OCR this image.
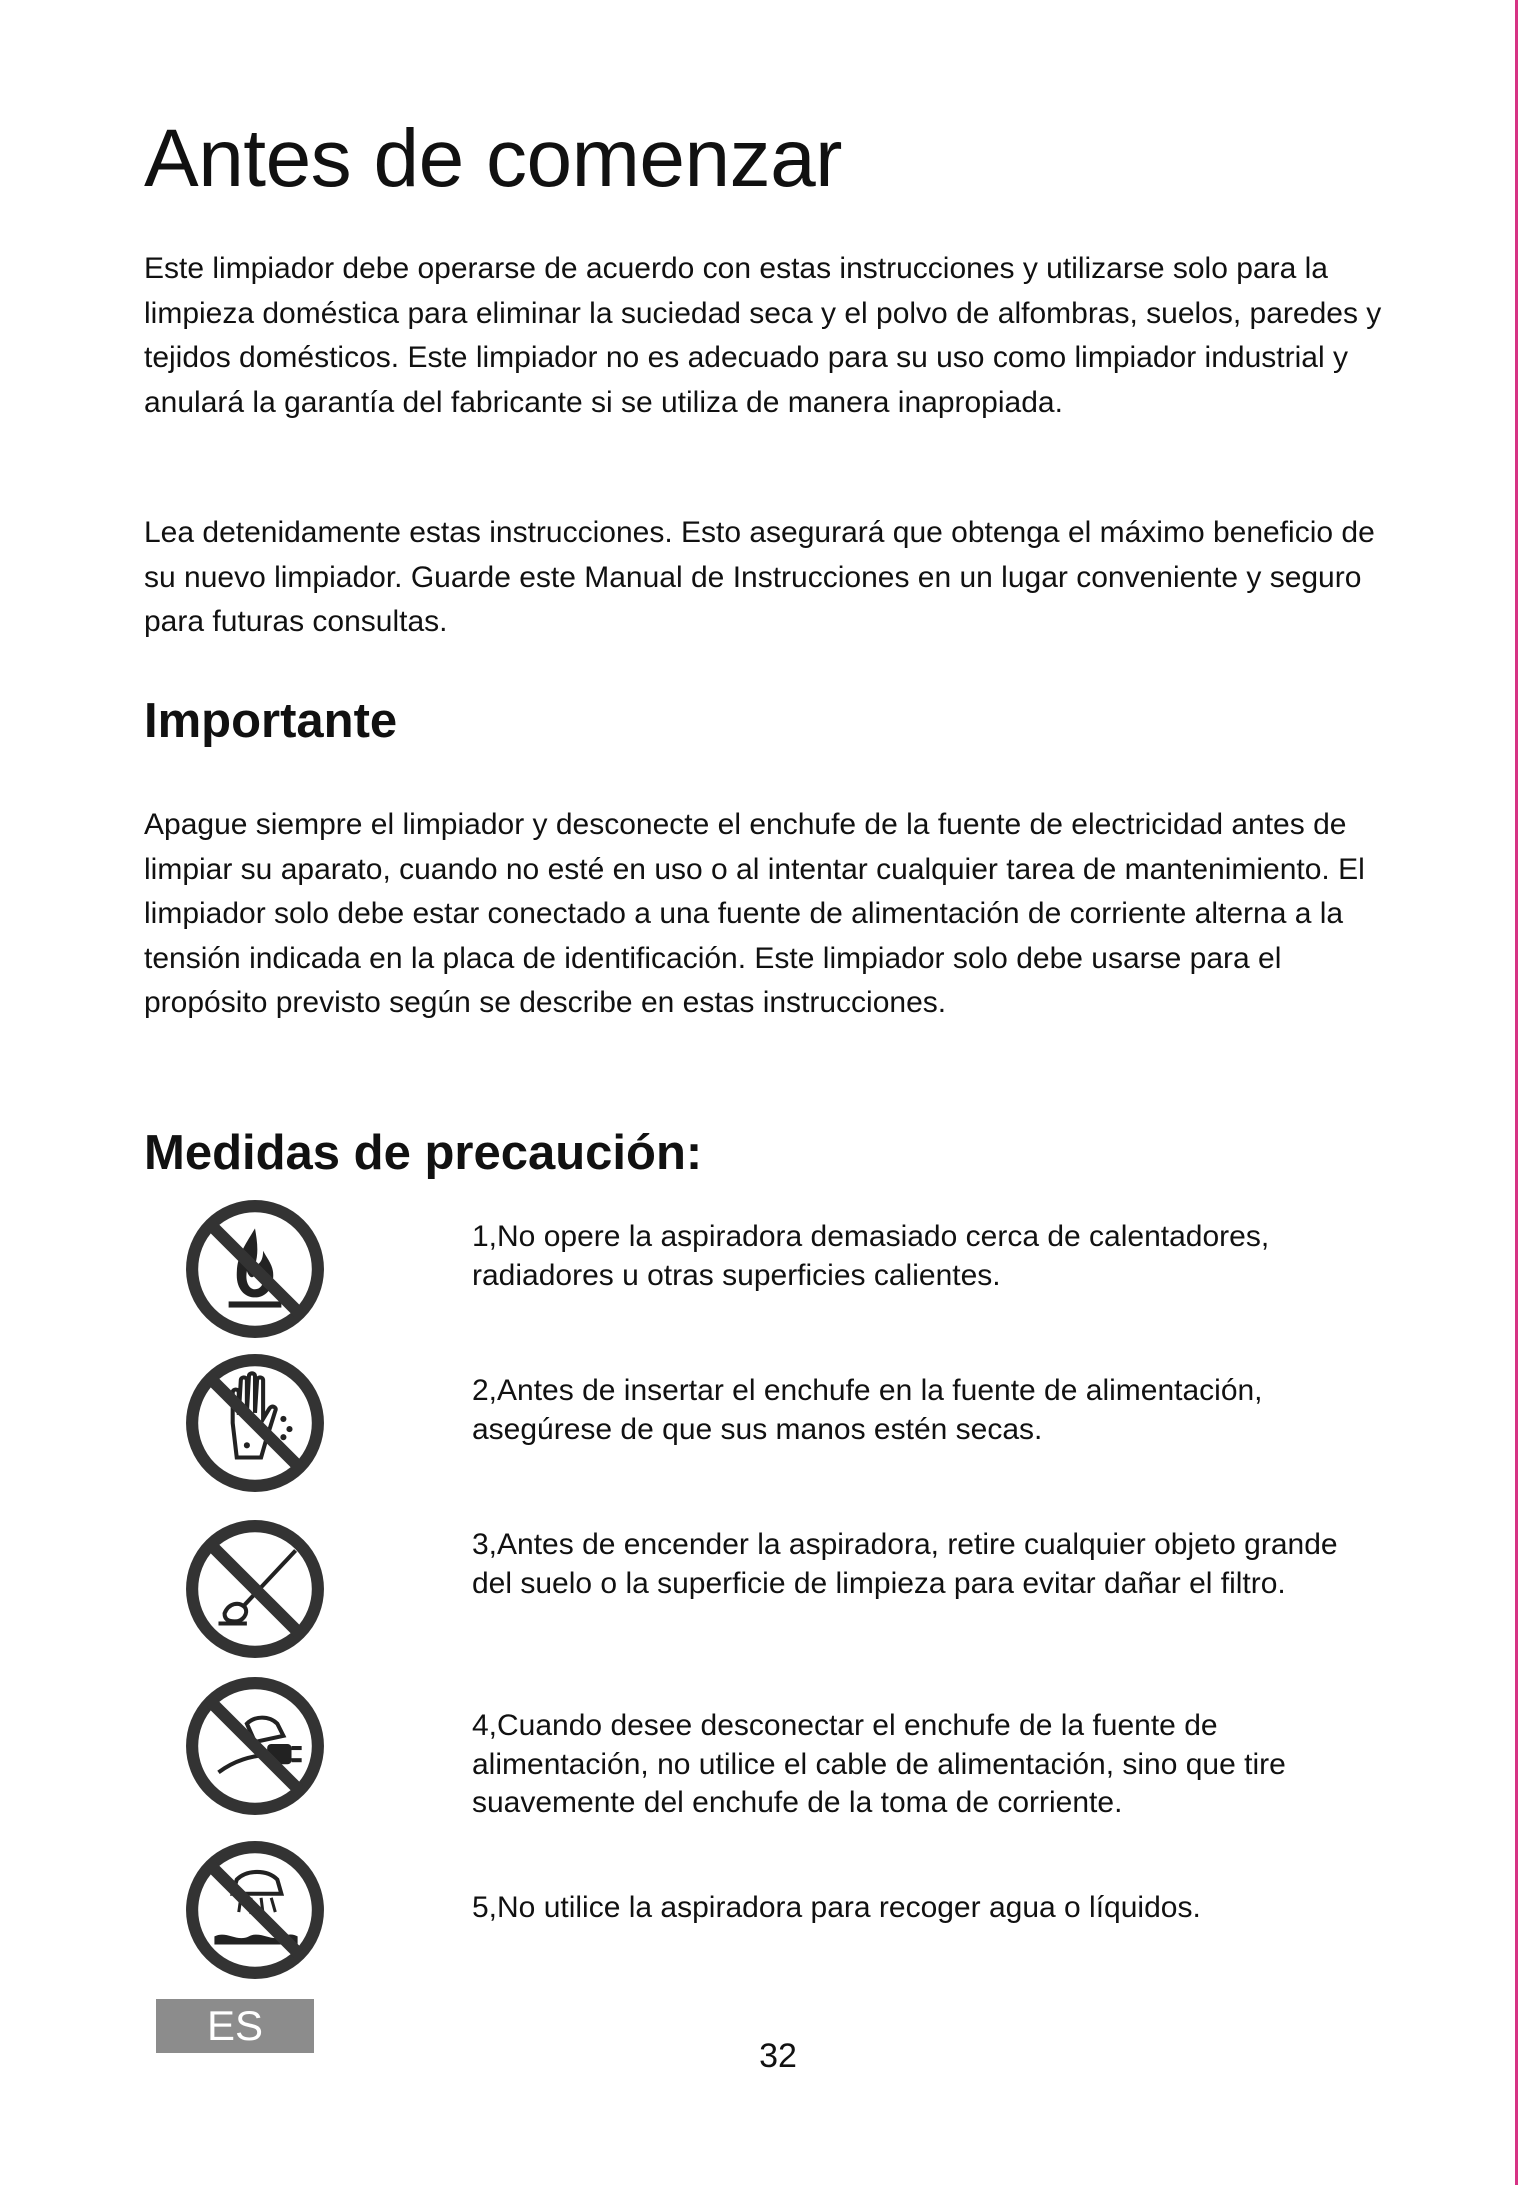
Antes de comenzar

Este limpiador debe operarse de acuerdo con estas instrucciones y utilizarse solo para la limpieza doméstica para eliminar la suciedad seca y el polvo de alfombras, suelos, paredes y tejidos domésticos. Este limpiador no es adecuado para su uso como limpiador industrial y anulará la garantía del fabricante si se utiliza de manera inapropiada.

Lea detenidamente estas instrucciones. Esto asegurará que obtenga el máximo beneficio de su nuevo limpiador. Guarde este Manual de Instrucciones en un lugar conveniente y seguro para futuras consultas.

Importante

Apague siempre el limpiador y desconecte el enchufe de la fuente de electricidad antes de limpiar su aparato, cuando no esté en uso o al intentar cualquier tarea de mantenimiento. El limpiador solo debe estar conectado a una fuente de alimentación de corriente alterna a la tensión indicada en la placa de identificación. Este limpiador solo debe usarse para el propósito previsto según se describe en estas instrucciones.

Medidas de precaución:

1,No opere la aspiradora demasiado cerca de calentadores, radiadores u otras superficies calientes.

2,Antes de insertar el enchufe en la fuente de alimentación, asegúrese de que sus manos estén secas.

3,Antes de encender la aspiradora, retire cualquier objeto grande del suelo o la superficie de limpieza para evitar dañar el filtro.

4,Cuando desee desconectar el enchufe de la fuente de alimentación, no utilice el cable de alimentación, sino que tire suavemente del enchufe de la toma de corriente.

5,No utilice la aspiradora para recoger agua o líquidos.

ES
32
